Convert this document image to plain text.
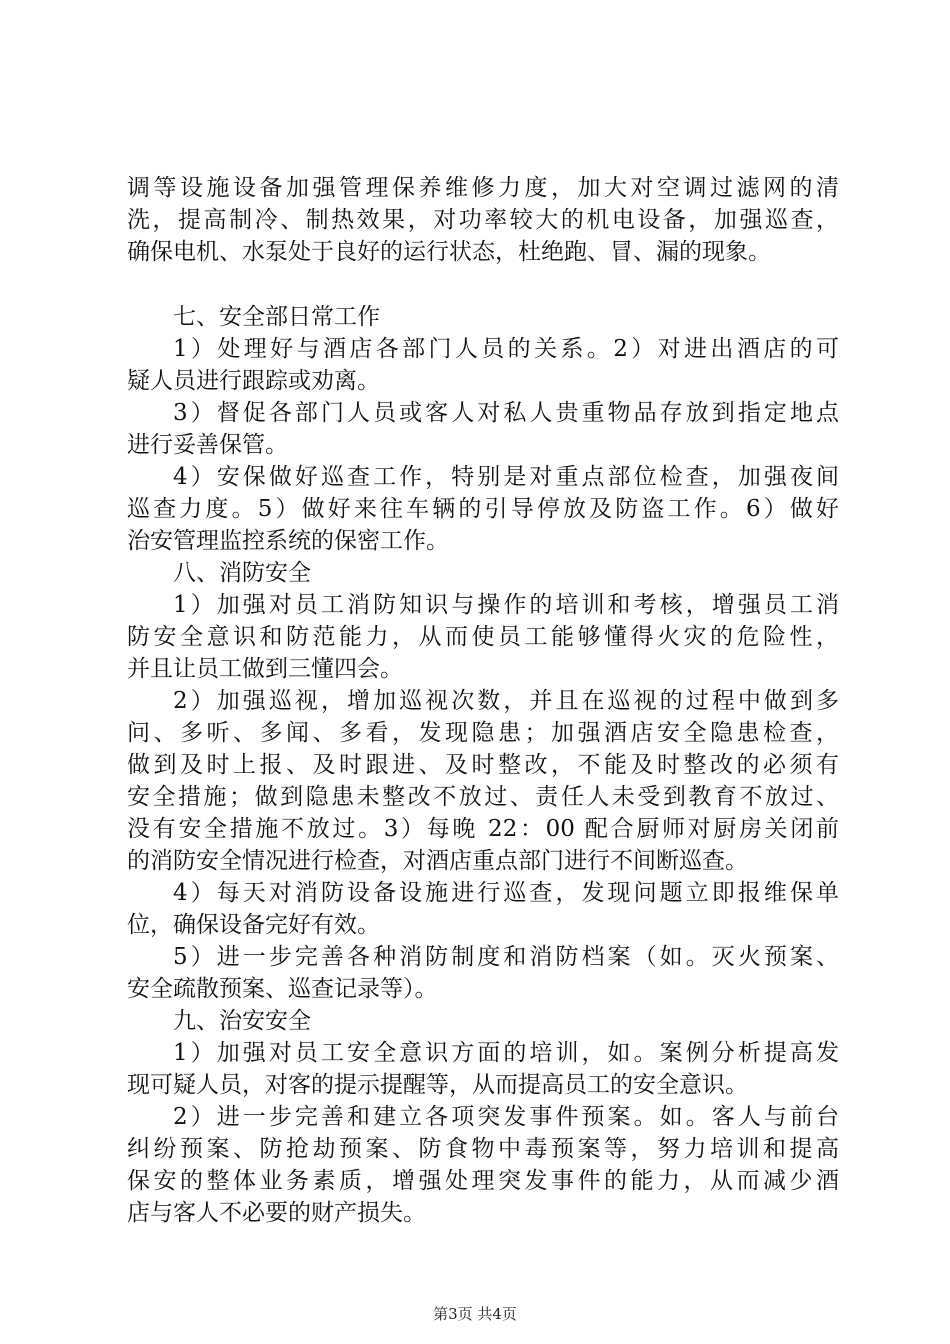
调等设施设备加强管理保养维修力度，加大对空调过滤网的清
洗，提高制冷、制热效果，对功率较大的机电设备，加强巡查，
确保电机、水泵处于良好的运行状态，杜绝跑、冒、漏的现象。
七、安全部日常工作
1）处理好与酒店各部门人员的关系。2）对进出酒店的可
疑人员进行跟踪或劝离。
3）督促各部门人员或客人对私人贵重物品存放到指定地点
进行妥善保管。
4）安保做好巡查工作，特别是对重点部位检查，加强夜间
巡查力度。5）做好来往车辆的引导停放及防盗工作。6）做好
治安管理监控系统的保密工作。
八、消防安全
1）加强对员工消防知识与操作的培训和考核，增强员工消
防安全意识和防范能力，从而使员工能够懂得火灾的危险性，
并且让员工做到三懂四会。
2）加强巡视，增加巡视次数，并且在巡视的过程中做到多
问、多听、多闻、多看，发现隐患；加强酒店安全隐患检查，
做到及时上报、及时跟进、及时整改，不能及时整改的必须有
安全措施；做到隐患未整改不放过、责任人未受到教育不放过、
没有安全措施不放过。3）每晚 22：00 配合厨师对厨房关闭前
的消防安全情况进行检查，对酒店重点部门进行不间断巡查。
4）每天对消防设备设施进行巡查，发现问题立即报维保单
位，确保设备完好有效。
5）进一步完善各种消防制度和消防档案（如。灭火预案、
安全疏散预案、巡查记录等）。
九、治安安全
1）加强对员工安全意识方面的培训，如。案例分析提高发
现可疑人员，对客的提示提醒等，从而提高员工的安全意识。
2）进一步完善和建立各项突发事件预案。如。客人与前台
纠纷预案、防抢劫预案、防食物中毒预案等，努力培训和提高
保安的整体业务素质，增强处理突发事件的能力，从而减少酒
店与客人不必要的财产损失。
第3页 共4页
